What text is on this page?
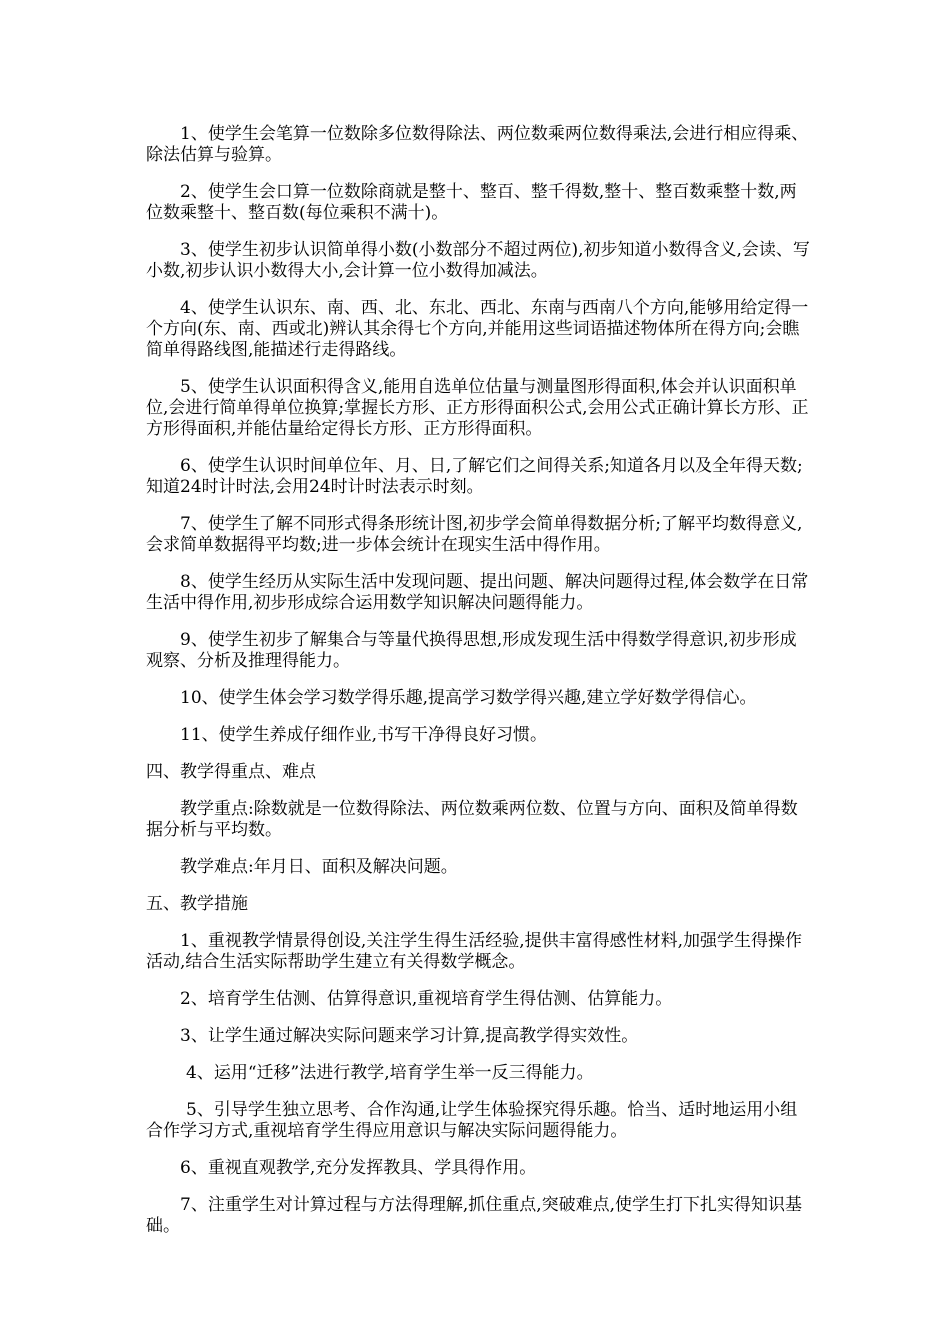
1、使学生会笔算一位数除多位数得除法、两位数乘两位数得乘法,会进行相应得乘、除法估算与验算。

2、使学生会口算一位数除商就是整十、整百、整千得数,整十、整百数乘整十数,两位数乘整十、整百数(每位乘积不满十)。

3、使学生初步认识简单得小数(小数部分不超过两位),初步知道小数得含义,会读、写小数,初步认识小数得大小,会计算一位小数得加减法。

4、使学生认识东、南、西、北、东北、西北、东南与西南八个方向,能够用给定得一个方向(东、南、西或北)辨认其余得七个方向,并能用这些词语描述物体所在得方向;会瞧简单得路线图,能描述行走得路线。

5、使学生认识面积得含义,能用自选单位估量与测量图形得面积,体会并认识面积单位,会进行简单得单位换算;掌握长方形、正方形得面积公式,会用公式正确计算长方形、正方形得面积,并能估量给定得长方形、正方形得面积。

6、使学生认识时间单位年、月、日,了解它们之间得关系;知道各月以及全年得天数;知道24时计时法,会用24时计时法表示时刻。

7、使学生了解不同形式得条形统计图,初步学会简单得数据分析;了解平均数得意义,会求简单数据得平均数;进一步体会统计在现实生活中得作用。

8、使学生经历从实际生活中发现问题、提出问题、解决问题得过程,体会数学在日常生活中得作用,初步形成综合运用数学知识解决问题得能力。

9、使学生初步了解集合与等量代换得思想,形成发现生活中得数学得意识,初步形成观察、分析及推理得能力。

10、使学生体会学习数学得乐趣,提高学习数学得兴趣,建立学好数学得信心。

11、使学生养成仔细作业,书写干净得良好习惯。

四、教学得重点、难点

教学重点:除数就是一位数得除法、两位数乘两位数、位置与方向、面积及简单得数据分析与平均数。

教学难点:年月日、面积及解决问题。

五、教学措施

1、重视教学情景得创设,关注学生得生活经验,提供丰富得感性材料,加强学生得操作活动,结合生活实际帮助学生建立有关得数学概念。

2、培育学生估测、估算得意识,重视培育学生得估测、估算能力。

3、让学生通过解决实际问题来学习计算,提高教学得实效性。

4、运用“迁移”法进行教学,培育学生举一反三得能力。

5、引导学生独立思考、合作沟通,让学生体验探究得乐趣。恰当、适时地运用小组合作学习方式,重视培育学生得应用意识与解决实际问题得能力。

6、重视直观教学,充分发挥教具、学具得作用。

7、注重学生对计算过程与方法得理解,抓住重点,突破难点,使学生打下扎实得知识基础。
